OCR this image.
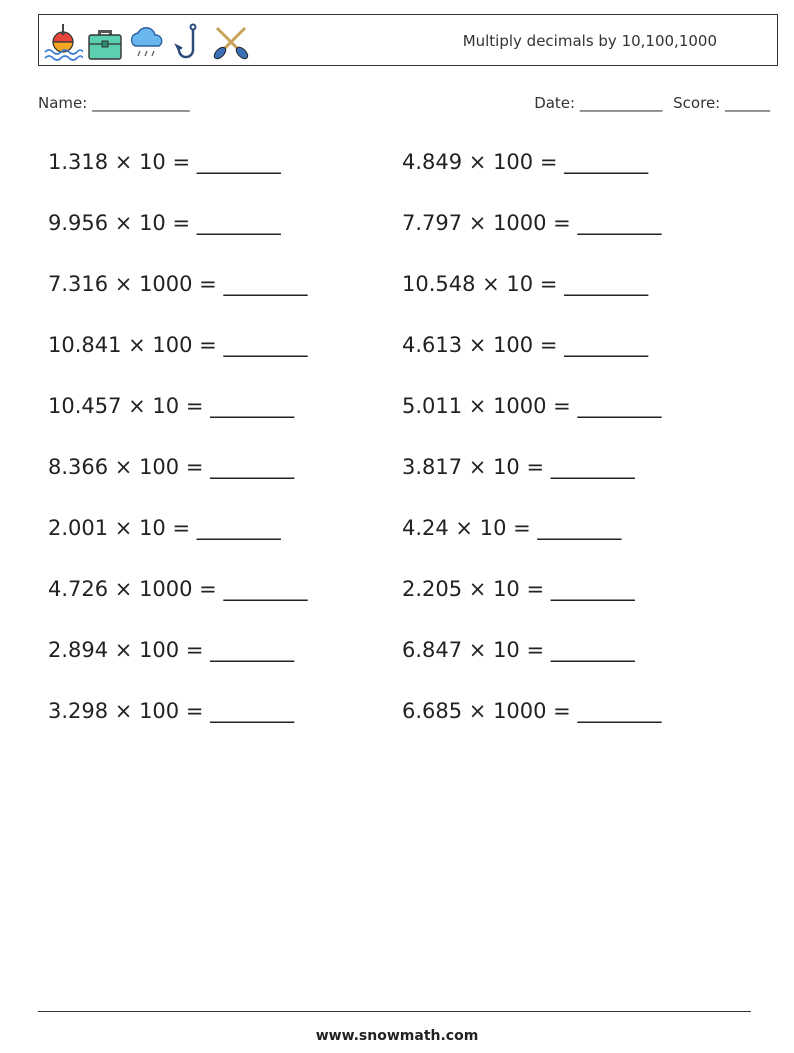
Multiply decimals by 10,100,1000
Name: _____________	Date: ___________ Score: ______
1.318 × 10 = ________
9.956 × 10 = ________
7.316 × 1000 = ________
10.841 × 100 = ________
10.457 × 10 = ________
8.366 × 100 = ________
2.001 × 10 = ________
4.726 × 1000 = ________
2.894 × 100 = ________
3.298 × 100 = ________
4.849 × 100 = ________
7.797 × 1000 = ________
10.548 × 10 = ________
4.613 × 100 = ________
5.011 × 1000 = ________
3.817 × 10 = ________
4.24 × 10 = ________
2.205 × 10 = ________
6.847 × 10 = ________
6.685 × 1000 = ________
www.snowmath.com
